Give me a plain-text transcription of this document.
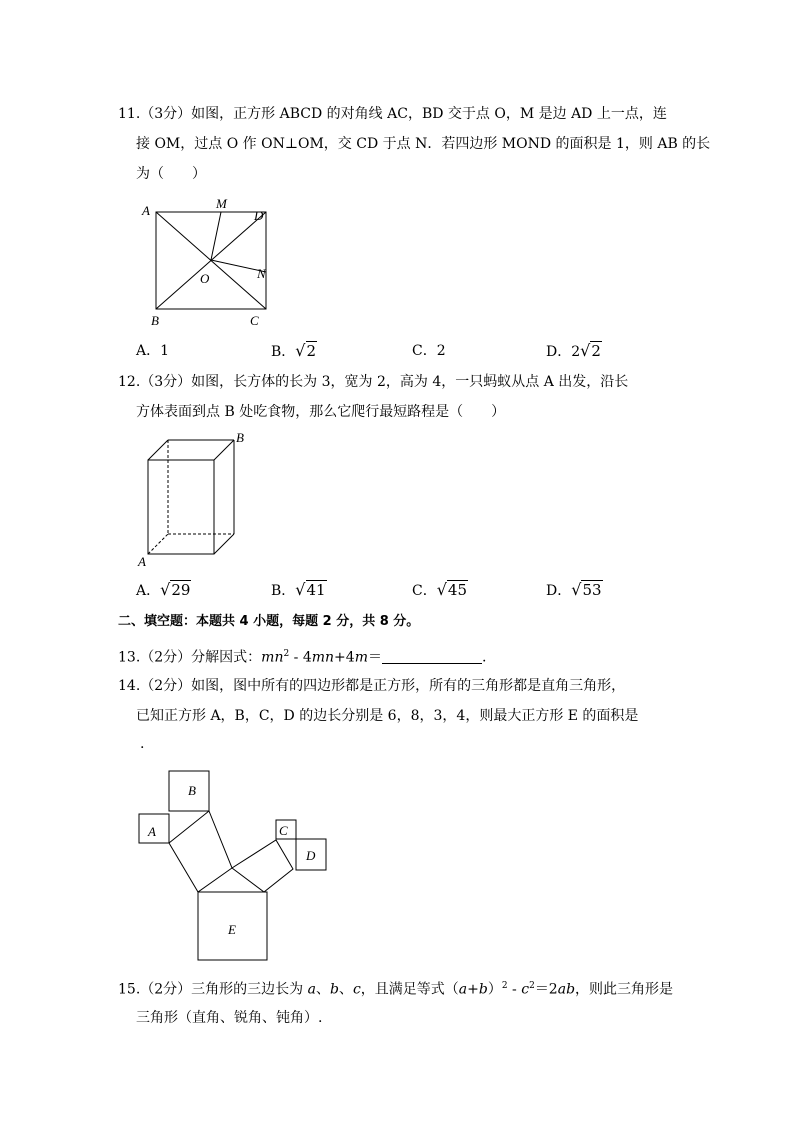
11.（3分）如图，正方形 ABCD 的对角线 AC，BD 交于点 O，M 是边 AD 上一点，连
接 OM，过点 O 作 ON⊥OM，交 CD 于点 N．若四边形 MOND 的面积是 1，则 AB 的长
为（　　）
A	M
D
O	N
B	C
A．1	B．√2	C．2	D．2√2
12.（3分）如图，长方体的长为 3，宽为 2，高为 4，一只蚂蚁从点 A 出发，沿长
方体表面到点 B 处吃食物，那么它爬行最短路程是（　　）
B
A
A．√29	B．√41	C．√45	D．√53
二、填空题：本题共 4 小题，每题 2 分，共 8 分。
13.（2分）分解因式：$mn^2 - 4mn+4m=$	.
14.（2分）如图，图中所有的四边形都是正方形，所有的三角形都是直角三角形，
已知正方形 A，B，C，D 的边长分别是 6，8，3，4，则最大正方形 E 的面积是
.
B
A	C
D
E
15.（2分）三角形的三边长为 a、b、c，且满足等式$(a+b)^2 - c^2=2ab$，则此三角形是
三角形（直角、锐角、钝角）.
